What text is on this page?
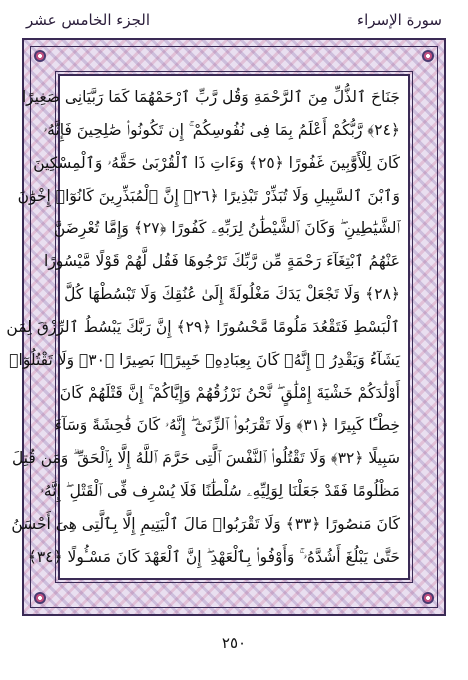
الجزء الخامس عشر	سورة الإسراء
جَنَاحَ ٱلذُّلِّ مِنَ ٱلرَّحْمَةِ وَقُل رَّبِّ ٱرْحَمْهُمَا كَمَا رَبَّيَانِى صَغِيرًا
﴿٢٤﴾ رَّبُّكُمْ أَعْلَمُ بِمَا فِى نُفُوسِكُمْ ۚ إِن تَكُونُوا۟ صَٰلِحِينَ فَإِنَّهُۥ
كَانَ لِلْأَوَّٰبِينَ غَفُورًا ﴿٢٥﴾ وَءَاتِ ذَا ٱلْقُرْبَىٰ حَقَّهُۥ وَٱلْمِسْكِينَ
وَٱبْنَ ٱلسَّبِيلِ وَلَا تُبَذِّرْ تَبْذِيرًا ﴿٢٦﴾ إِنَّ ٱلْمُبَذِّرِينَ كَانُوٓا۟ إِخْوَٰنَ
ٱلشَّيَٰطِينِ ۖ وَكَانَ ٱلشَّيْطَٰنُ لِرَبِّهِۦ كَفُورًا ﴿٢٧﴾ وَإِمَّا تُعْرِضَنَّ
عَنْهُمُ ٱبْتِغَآءَ رَحْمَةٍ مِّن رَّبِّكَ تَرْجُوهَا فَقُل لَّهُمْ قَوْلًا مَّيْسُورًا
﴿٢٨﴾ وَلَا تَجْعَلْ يَدَكَ مَغْلُولَةً إِلَىٰ عُنُقِكَ وَلَا تَبْسُطْهَا كُلَّ
ٱلْبَسْطِ فَتَقْعُدَ مَلُومًا مَّحْسُورًا ﴿٢٩﴾ إِنَّ رَبَّكَ يَبْسُطُ ٱلرِّزْقَ لِمَن
يَشَآءُ وَيَقْدِرُ ۚ إِنَّهُۥ كَانَ بِعِبَادِهِۦ خَبِيرًۢا بَصِيرًا ﴿٣٠﴾ وَلَا تَقْتُلُوٓا۟
أَوْلَٰدَكُمْ خَشْيَةَ إِمْلَٰقٍ ۖ نَّحْنُ نَرْزُقُهُمْ وَإِيَّاكُمْ ۚ إِنَّ قَتْلَهُمْ كَانَ
خِطْـًٔا كَبِيرًا ﴿٣١﴾ وَلَا تَقْرَبُوا۟ ٱلزِّنَىٰٓ ۖ إِنَّهُۥ كَانَ فَٰحِشَةً وَسَآءَ
سَبِيلًا ﴿٣٢﴾ وَلَا تَقْتُلُوا۟ ٱلنَّفْسَ ٱلَّتِى حَرَّمَ ٱللَّهُ إِلَّا بِٱلْحَقِّ ۗ وَمَن قُتِلَ
مَظْلُومًا فَقَدْ جَعَلْنَا لِوَلِيِّهِۦ سُلْطَٰنًا فَلَا يُسْرِف فِّى ٱلْقَتْلِ ۖ إِنَّهُۥ
كَانَ مَنصُورًا ﴿٣٣﴾ وَلَا تَقْرَبُوا۟ مَالَ ٱلْيَتِيمِ إِلَّا بِٱلَّتِى هِىَ أَحْسَنُ
حَتَّىٰ يَبْلُغَ أَشُدَّهُۥ ۚ وَأَوْفُوا۟ بِٱلْعَهْدِ ۖ إِنَّ ٱلْعَهْدَ كَانَ مَسْـُٔولًا ﴿٣٤﴾
٢٥٠
